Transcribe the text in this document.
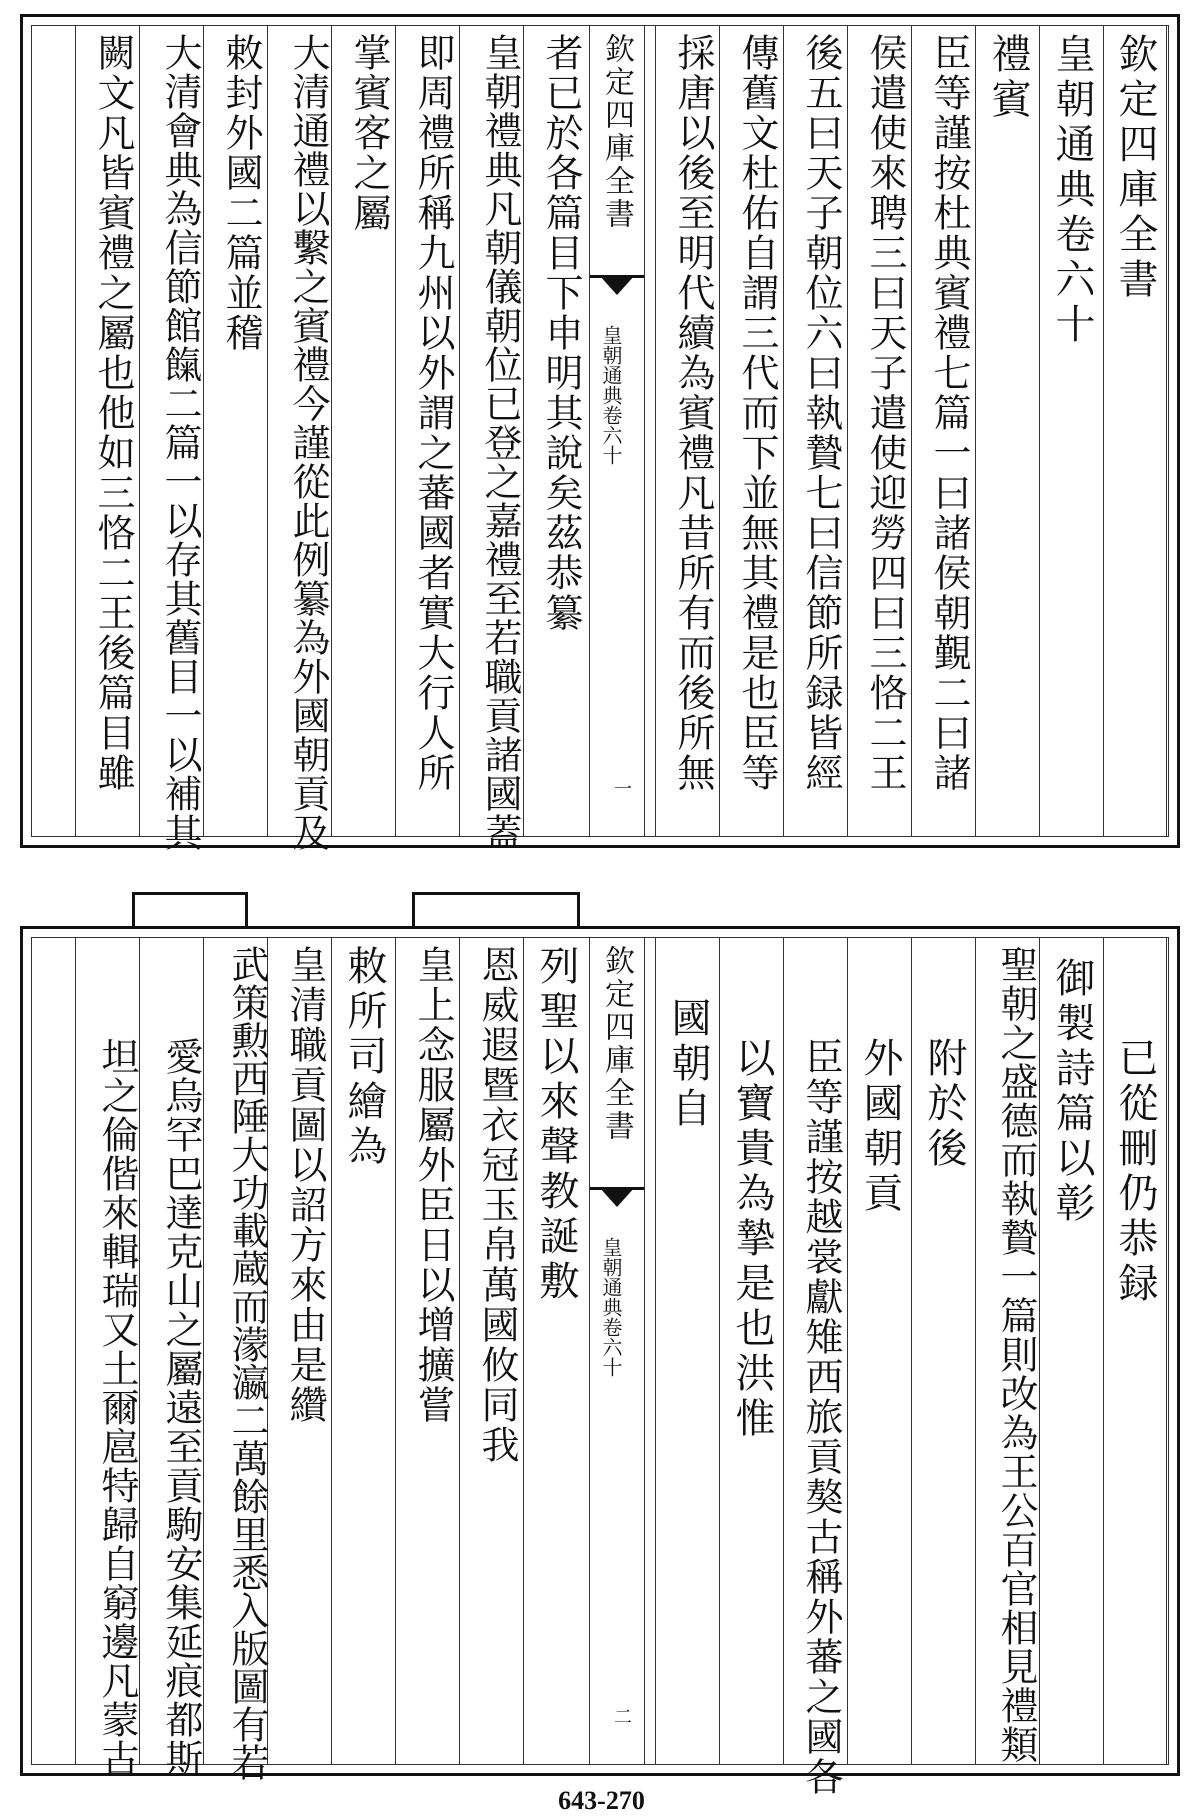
欽定四庫全書
皇朝通典卷六十
禮賓
臣等謹按杜典賓禮七篇一曰諸侯朝覲二曰諸
侯遣使來聘三曰天子遣使迎勞四曰三恪二王
後五曰天子朝位六曰執贄七曰信節所録皆經
傳舊文杜佑自謂三代而下並無其禮是也臣等
採唐以後至明代續為賓禮凡昔所有而後所無
欽定四庫全書
皇朝通典卷六十
一
者已於各篇目下申明其說矣茲恭纂
皇朝禮典凡朝儀朝位已登之嘉禮至若職貢諸國蓋
即周禮所稱九州以外謂之蕃國者實大行人所
掌賓客之屬
大清通禮以繫之賓禮今謹從此例纂為外國朝貢及
敕封外國二篇並稽
大清會典為信節館餼二篇一以存其舊目一以補其
闕文凡皆賓禮之屬也他如三恪二王後篇目雖
已從刪仍恭録
御製詩篇以彰
聖朝之盛德而執贄一篇則改為王公百官相見禮類
附於後
外國朝貢
臣等謹按越裳獻雉西旅貢獒古稱外蕃之國各
以寶貴為摯是也洪惟
國朝自
欽定四庫全書
皇朝通典卷六十
二
列聖以來聲教誕敷
恩威遐暨衣冠玉帛萬國攸同我
皇上念服屬外臣日以增擴嘗
敕所司繪為
皇清職貢圖以詔方來由是纘
武策勲西陲大功載蔵而濛瀛二萬餘里悉入版圖有若
愛烏罕巴達克山之屬遠至貢駒安集延痕都斯
坦之倫偕來輯瑞又土爾扈特歸自窮邊凡蒙古
643-270
